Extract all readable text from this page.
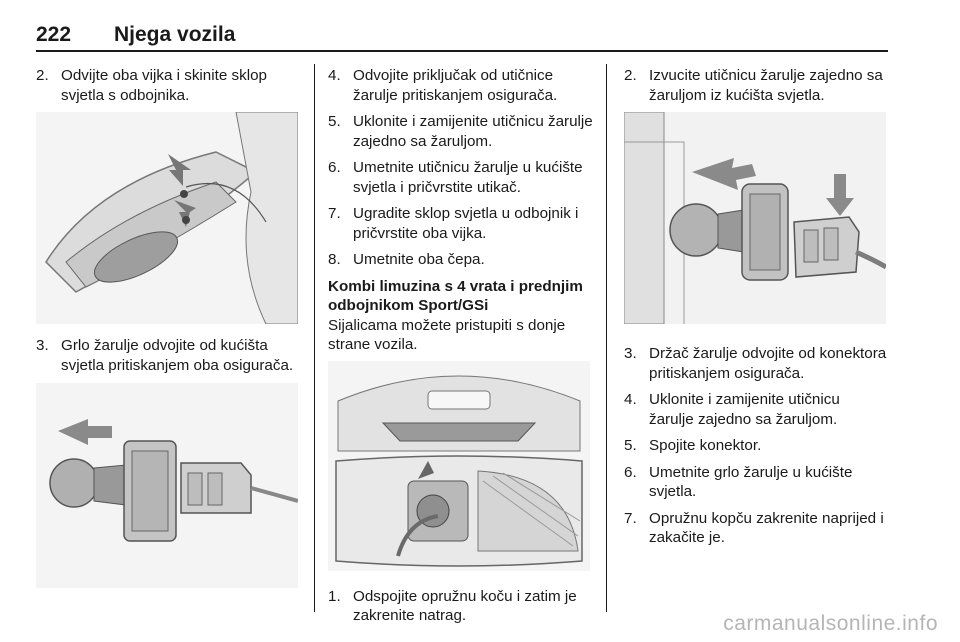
222 Njega vozila
2. Odvijte oba vijka i skinite sklop svjetla s odbojnika.
3. Grlo žarulje odvojite od kućišta svjetla pritiskanjem oba osigurača.
4. Odvojite priključak od utičnice žarulje pritiskanjem osigurača.
5. Uklonite i zamijenite utičnicu žarulje zajedno sa žaruljom.
6. Umetnite utičnicu žarulje u kućište svjetla i pričvrstite utikač.
7. Ugradite sklop svjetla u odbojnik i pričvrstite oba vijka.
8. Umetnite oba čepa.
Kombi limuzina s 4 vrata i prednjim odbojnikom Sport/GSi
Sijalicama možete pristupiti s donje strane vozila.
1. Odspojite opružnu koču i zatim je zakrenite natrag.
2. Izvucite utičnicu žarulje zajedno sa žaruljom iz kućišta svjetla.
3. Držač žarulje odvojite od konektora pritiskanjem osigurača.
4. Uklonite i zamijenite utičnicu žarulje zajedno sa žaruljom.
5. Spojite konektor.
6. Umetnite grlo žarulje u kućište svjetla.
7. Opružnu kopču zakrenite naprijed i zakačite je.
carmanualsonline.info
